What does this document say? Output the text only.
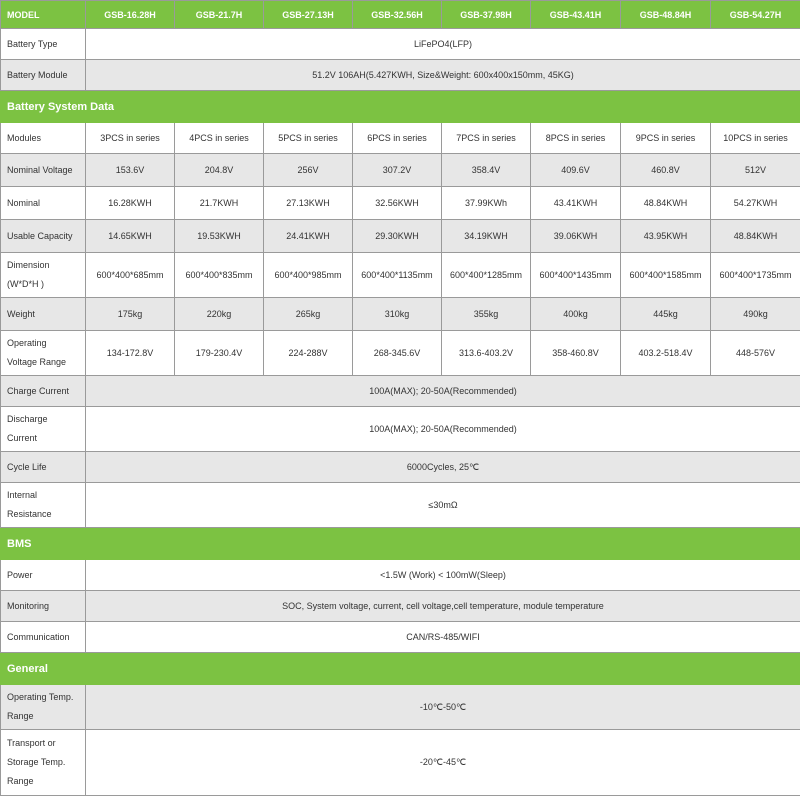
MODEL	GSB-16.28H	GSB-21.7H	GSB-27.13H	GSB-32.56H	GSB-37.98H	GSB-43.41H	GSB-48.84H	GSB-54.27H
Battery Type	LiFePO4(LFP)							
Battery Module	51.2V 106AH(5.427KWH, Size&Weight: 600x400x150mm, 45KG)							
Battery System Data								
Modules	3PCS in series	4PCS in series	5PCS in series	6PCS in series	7PCS in series	8PCS in series	9PCS in series	10PCS in series
Nominal Voltage	153.6V	204.8V	256V	307.2V	358.4V	409.6V	460.8V	512V
Nominal	16.28KWH	21.7KWH	27.13KWH	32.56KWH	37.99KWh	43.41KWH	48.84KWH	54.27KWH
Usable Capacity	14.65KWH	19.53KWH	24.41KWH	29.30KWH	34.19KWH	39.06KWH	43.95KWH	48.84KWH
Dimension
(W*D*H )	600*400*685mm	600*400*835mm	600*400*985mm	600*400*1135mm	600*400*1285mm	600*400*1435mm	600*400*1585mm	600*400*1735mm
Weight	175kg	220kg	265kg	310kg	355kg	400kg	445kg	490kg
Operating
Voltage Range	134-172.8V	179-230.4V	224-288V	268-345.6V	313.6-403.2V	358-460.8V	403.2-518.4V	448-576V
Charge Current	100A(MAX); 20-50A(Recommended)							
Discharge
Current	100A(MAX); 20-50A(Recommended)							
Cycle Life	6000Cycles, 25℃							
Internal
Resistance	≤30mΩ							
BMS								
Power	<1.5W (Work) < 100mW(Sleep)							
Monitoring	SOC, System voltage, current, cell voltage,cell temperature, module temperature							
Communication	CAN/RS-485/WIFI							
General								
Operating Temp.
Range	-10℃-50℃							
Transport or
Storage Temp.
Range	-20℃-45℃							
